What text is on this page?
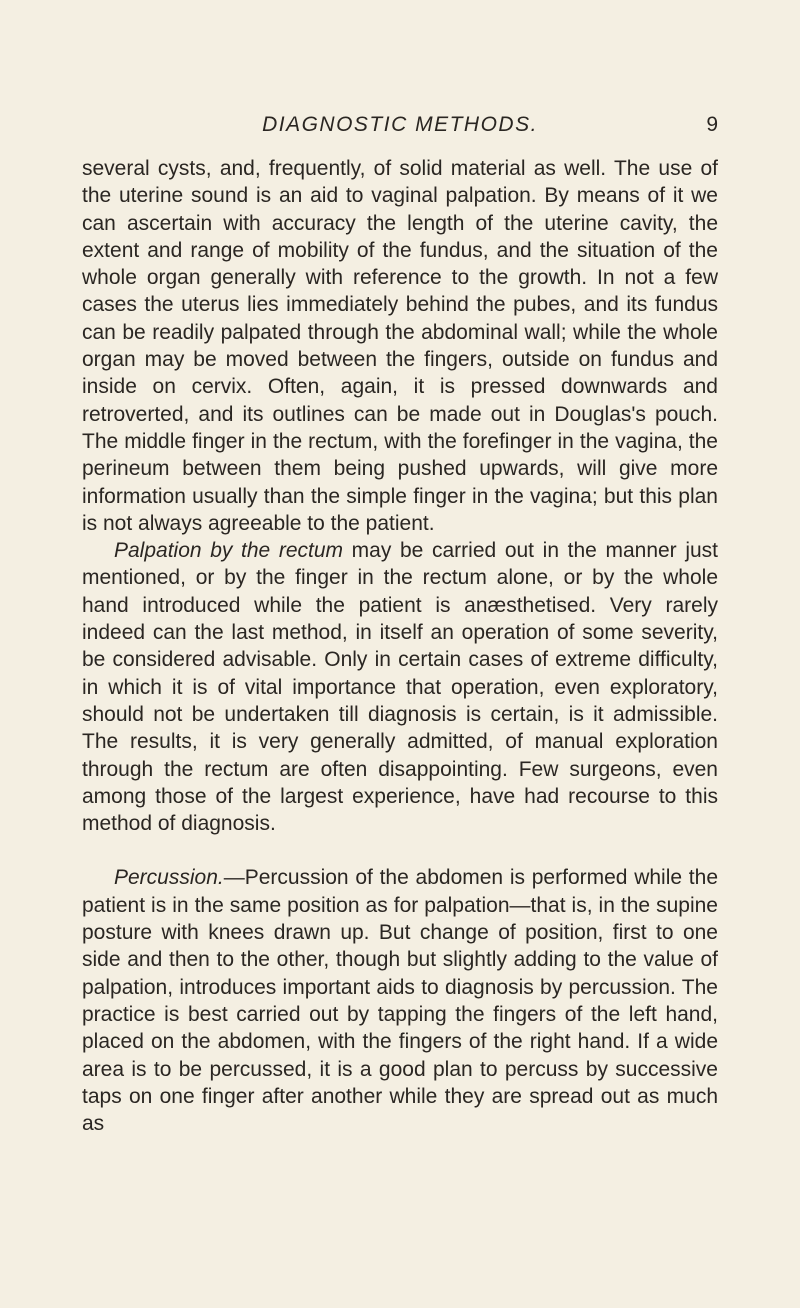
DIAGNOSTIC METHODS.	9

several cysts, and, frequently, of solid material as well. The use of the uterine sound is an aid to vaginal palpation. By means of it we can ascertain with accuracy the length of the uterine cavity, the extent and range of mobility of the fundus, and the situation of the whole organ generally with reference to the growth. In not a few cases the uterus lies immediately behind the pubes, and its fundus can be readily palpated through the abdominal wall; while the whole organ may be moved between the fingers, outside on fundus and inside on cervix. Often, again, it is pressed downwards and retroverted, and its outlines can be made out in Douglas's pouch. The middle finger in the rectum, with the forefinger in the vagina, the perineum between them being pushed upwards, will give more information usually than the simple finger in the vagina; but this plan is not always agreeable to the patient.

Palpation by the rectum may be carried out in the manner just mentioned, or by the finger in the rectum alone, or by the whole hand introduced while the patient is anæsthetised. Very rarely indeed can the last method, in itself an operation of some severity, be considered advisable. Only in certain cases of extreme difficulty, in which it is of vital importance that operation, even exploratory, should not be undertaken till diagnosis is certain, is it admissible. The results, it is very generally admitted, of manual exploration through the rectum are often disappointing. Few surgeons, even among those of the largest experience, have had recourse to this method of diagnosis.

Percussion.—Percussion of the abdomen is performed while the patient is in the same position as for palpation—that is, in the supine posture with knees drawn up. But change of position, first to one side and then to the other, though but slightly adding to the value of palpation, introduces important aids to diagnosis by percussion. The practice is best carried out by tapping the fingers of the left hand, placed on the abdomen, with the fingers of the right hand. If a wide area is to be percussed, it is a good plan to percuss by successive taps on one finger after another while they are spread out as much as
